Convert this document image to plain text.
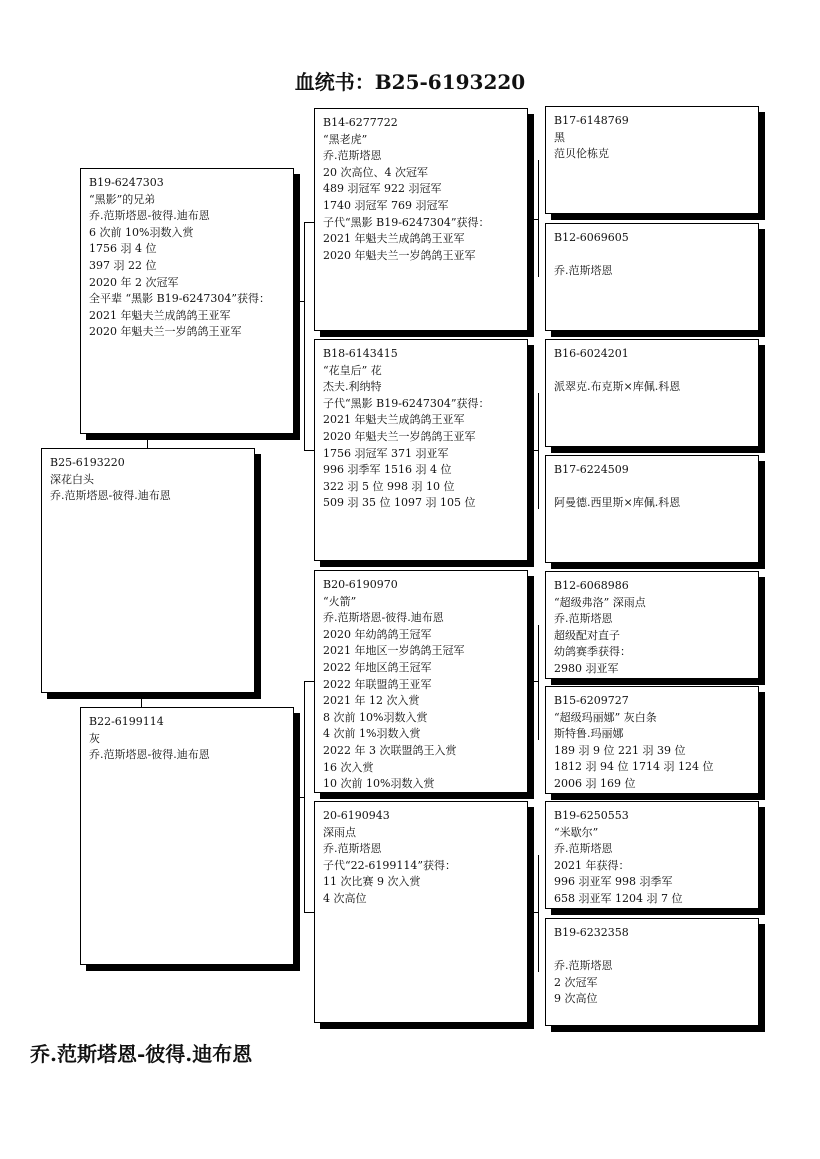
血统书：B25-6193220
B25-6193220
深花白头
乔.范斯塔恩-彼得.迪布恩
B19-6247303
“黑影”的兄弟
乔.范斯塔恩-彼得.迪布恩
6 次前 10%羽数入赏
1756 羽 4 位
397 羽 22 位
2020 年 2 次冠军
全平辈 “黑影 B19-6247304”获得：
2021 年魁夫兰成鸽鸽王亚军
2020 年魁夫兰一岁鸽鸽王亚军
B22-6199114
灰
乔.范斯塔恩-彼得.迪布恩
B14-6277722
“黑老虎”
乔.范斯塔恩
20 次高位、4 次冠军
489 羽冠军 922 羽冠军
1740 羽冠军 769 羽冠军
子代“黑影 B19-6247304”获得：
2021 年魁夫兰成鸽鸽王亚军
2020 年魁夫兰一岁鸽鸽王亚军
B18-6143415
“花皇后” 花
杰夫.利纳特
子代“黑影 B19-6247304”获得：
2021 年魁夫兰成鸽鸽王亚军
2020 年魁夫兰一岁鸽鸽王亚军
1756 羽冠军 371 羽亚军
996 羽季军 1516 羽 4 位
322 羽 5 位 998 羽 10 位
509 羽 35 位 1097 羽 105 位
B20-6190970
“火箭”
乔.范斯塔恩-彼得.迪布恩
2020 年幼鸽鸽王冠军
2021 年地区一岁鸽鸽王冠军
2022 年地区鸽王冠军
2022 年联盟鸽王亚军
2021 年 12 次入赏
8 次前 10%羽数入赏
4 次前 1%羽数入赏
2022 年 3 次联盟鸽王入赏
16 次入赏
10 次前 10%羽数入赏
20-6190943
深雨点
乔.范斯塔恩
子代“22-6199114”获得：
11 次比赛 9 次入赏
4 次高位
B17-6148769
黑
范贝伦栋克
B12-6069605
乔.范斯塔恩
B16-6024201
派翠克.布克斯×库佩.科恩
B17-6224509
阿曼德.西里斯×库佩.科恩
B12-6068986
“超级弗洛” 深雨点
乔.范斯塔恩
超级配对直子
幼鸽赛季获得：
2980 羽亚军
B15-6209727
“超级玛丽娜” 灰白条
斯特鲁.玛丽娜
189 羽 9 位 221 羽 39 位
1812 羽 94 位 1714 羽 124 位
2006 羽 169 位
B19-6250553
“米歇尔”
乔.范斯塔恩
2021 年获得：
996 羽亚军 998 羽季军
658 羽亚军 1204 羽 7 位
B19-6232358
乔.范斯塔恩
2 次冠军
9 次高位
乔.范斯塔恩-彼得.迪布恩
